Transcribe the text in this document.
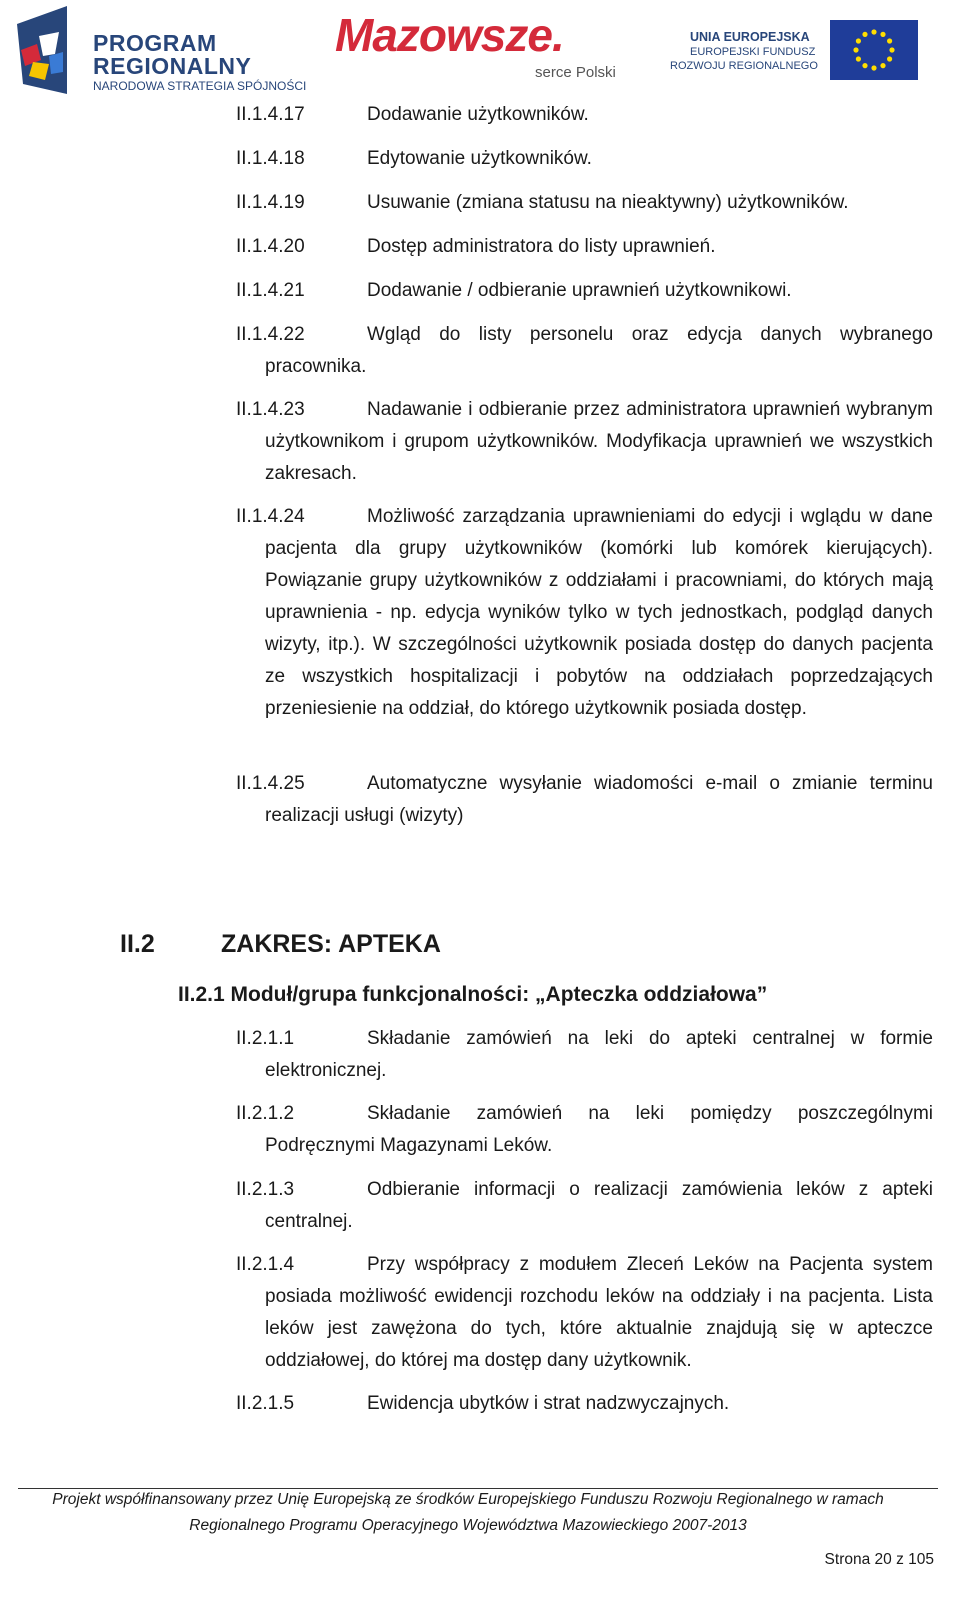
PROGRAM
REGIONALNY
NARODOWA STRATEGIA SPÓJNOŚCI
Mazowsze.
serce Polski
UNIA EUROPEJSKA
EUROPEJSKI FUNDUSZ
ROZWOJU REGIONALNEGO
II.1.4.17	Dodawanie użytkowników.
II.1.4.18	Edytowanie użytkowników.
II.1.4.19	Usuwanie (zmiana statusu na nieaktywny) użytkowników.
II.1.4.20	Dostęp administratora do listy uprawnień.
II.1.4.21	Dodawanie / odbieranie uprawnień użytkownikowi.
II.1.4.22	Wgląd do listy personelu oraz edycja danych wybranego pracownika.
II.1.4.23	Nadawanie i odbieranie przez administratora uprawnień wybranym użytkownikom i grupom użytkowników. Modyfikacja uprawnień we wszystkich zakresach.
II.1.4.24	Możliwość zarządzania uprawnieniami do edycji i wglądu w dane pacjenta dla grupy użytkowników (komórki lub komórek kierujących). Powiązanie grupy użytkowników z oddziałami i pracowniami, do których mają uprawnienia - np. edycja wyników tylko w tych jednostkach, podgląd danych wizyty, itp.). W szczególności użytkownik posiada dostęp do danych pacjenta ze wszystkich hospitalizacji i pobytów na oddziałach poprzedzających przeniesienie na oddział, do którego użytkownik posiada dostęp.
II.1.4.25	Automatyczne wysyłanie wiadomości e-mail o zmianie terminu realizacji usługi (wizyty)
II.2	ZAKRES: APTEKA
II.2.1 Moduł/grupa funkcjonalności: „Apteczka oddziałowa”
II.2.1.1	Składanie zamówień na leki do apteki centralnej w formie elektronicznej.
II.2.1.2	Składanie zamówień na leki pomiędzy poszczególnymi Podręcznymi Magazynami Leków.
II.2.1.3	Odbieranie informacji o realizacji zamówienia leków z apteki centralnej.
II.2.1.4	Przy współpracy z modułem Zleceń Leków na Pacjenta system posiada możliwość ewidencji rozchodu leków na oddziały i na pacjenta. Lista leków jest zawężona do tych, które aktualnie znajdują się w apteczce oddziałowej, do której ma dostęp dany użytkownik.
II.2.1.5	Ewidencja ubytków i strat nadzwyczajnych.
Projekt współfinansowany przez Unię Europejską ze środków Europejskiego Funduszu Rozwoju Regionalnego w ramach
Regionalnego Programu Operacyjnego Województwa Mazowieckiego 2007-2013
Strona 20 z 105
